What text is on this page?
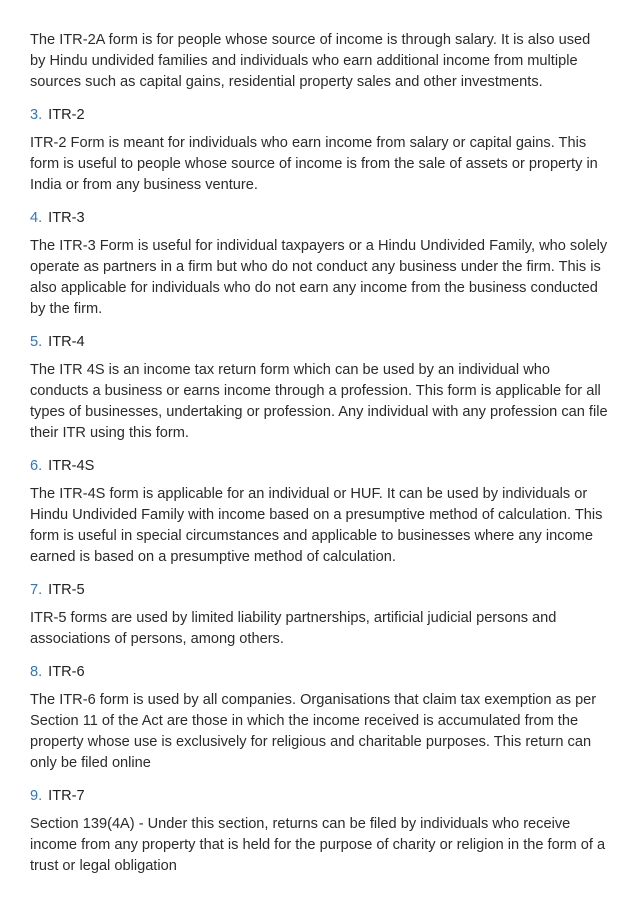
The ITR-2A form is for people whose source of income is through salary. It is also used by Hindu undivided families and individuals who earn additional income from multiple sources such as capital gains, residential property sales and other investments.

3. ITR-2

ITR-2 Form is meant for individuals who earn income from salary or capital gains. This form is useful to people whose source of income is from the sale of assets or property in India or from any business venture.

4. ITR-3

The ITR-3 Form is useful for individual taxpayers or a Hindu Undivided Family, who solely operate as partners in a firm but who do not conduct any business under the firm. This is also applicable for individuals who do not earn any income from the business conducted by the firm.

5. ITR-4

The ITR 4S is an income tax return form which can be used by an individual who conducts a business or earns income through a profession. This form is applicable for all types of businesses, undertaking or profession. Any individual with any profession can file their ITR using this form.

6. ITR-4S

The ITR-4S form is applicable for an individual or HUF. It can be used by individuals or Hindu Undivided Family with income based on a presumptive method of calculation. This form is useful in special circumstances and applicable to businesses where any income earned is based on a presumptive method of calculation.

7. ITR-5

ITR-5 forms are used by limited liability partnerships, artificial judicial persons and associations of persons, among others.

8. ITR-6

The ITR-6 form is used by all companies. Organisations that claim tax exemption as per Section 11 of the Act are those in which the income received is accumulated from the property whose use is exclusively for religious and charitable purposes. This return can only be filed online

9. ITR-7

Section 139(4A) - Under this section, returns can be filed by individuals who receive income from any property that is held for the purpose of charity or religion in the form of a trust or legal obligation
